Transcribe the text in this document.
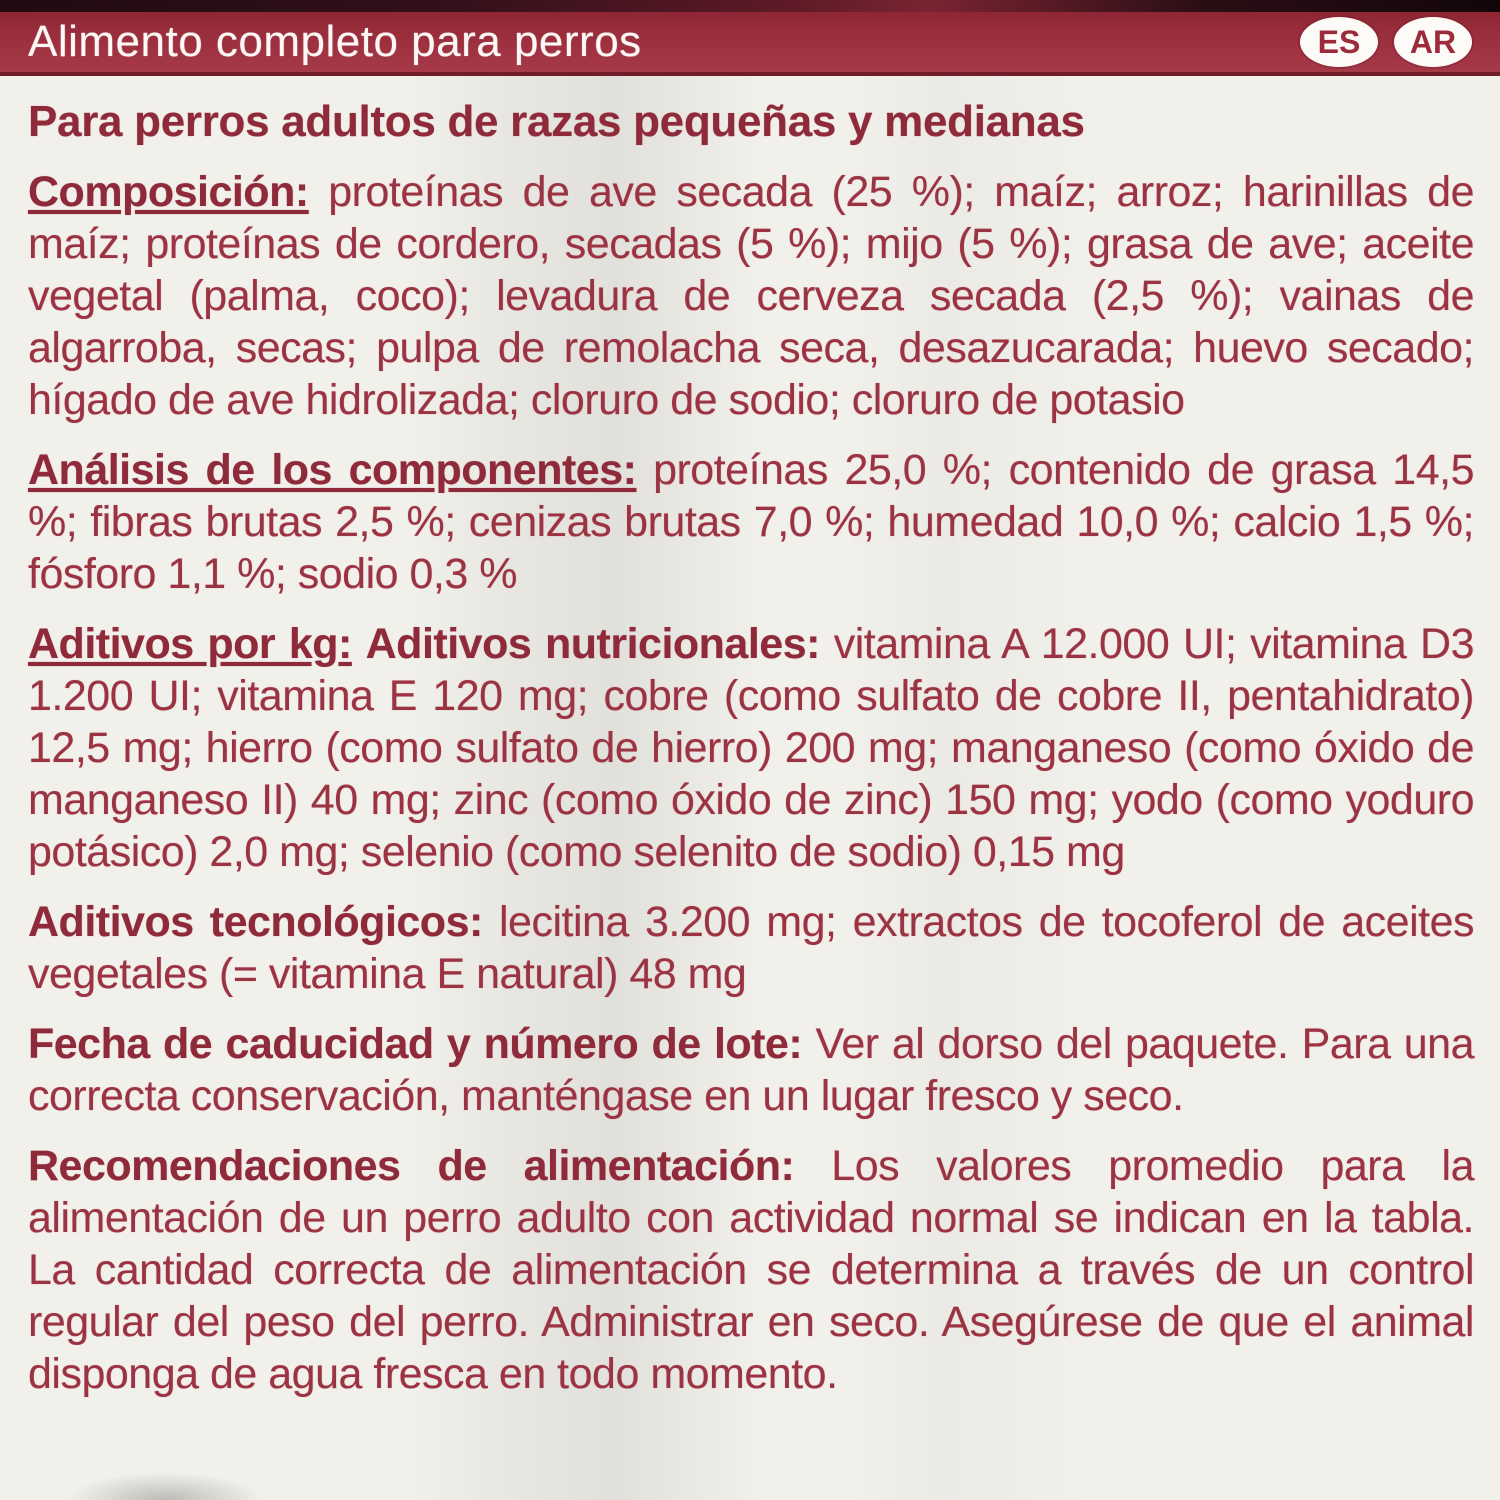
Alimento completo para perros	ES	AR

Para perros adultos de razas pequeñas y medianas

Composición: proteínas de ave secada (25 %); maíz; arroz; harinillas de maíz; proteínas de cordero, secadas (5 %); mijo (5 %); grasa de ave; aceite vegetal (palma, coco); levadura de cerveza secada (2,5 %); vainas de algarroba, secas; pulpa de remolacha seca, desazucarada; huevo secado; hígado de ave hidrolizada; cloruro de sodio; cloruro de potasio

Análisis de los componentes: proteínas 25,0 %; contenido de grasa 14,5 %; fibras brutas 2,5 %; cenizas brutas 7,0 %; humedad 10,0 %; calcio 1,5 %; fósforo 1,1 %; sodio 0,3 %

Aditivos por kg: Aditivos nutricionales: vitamina A 12.000 UI; vitamina D3 1.200 UI; vitamina E 120 mg; cobre (como sulfato de cobre II, pentahidrato) 12,5 mg; hierro (como sulfato de hierro) 200 mg; manganeso (como óxido de manganeso II) 40 mg; zinc (como óxido de zinc) 150 mg; yodo (como yoduro potásico) 2,0 mg; selenio (como selenito de sodio) 0,15 mg

Aditivos tecnológicos: lecitina 3.200 mg; extractos de tocoferol de aceites vegetales (= vitamina E natural) 48 mg

Fecha de caducidad y número de lote: Ver al dorso del paquete. Para una correcta conservación, manténgase en un lugar fresco y seco.

Recomendaciones de alimentación: Los valores promedio para la alimentación de un perro adulto con actividad normal se indican en la tabla. La cantidad correcta de alimentación se determina a través de un control regular del peso del perro. Administrar en seco. Asegúrese de que el animal disponga de agua fresca en todo momento.
